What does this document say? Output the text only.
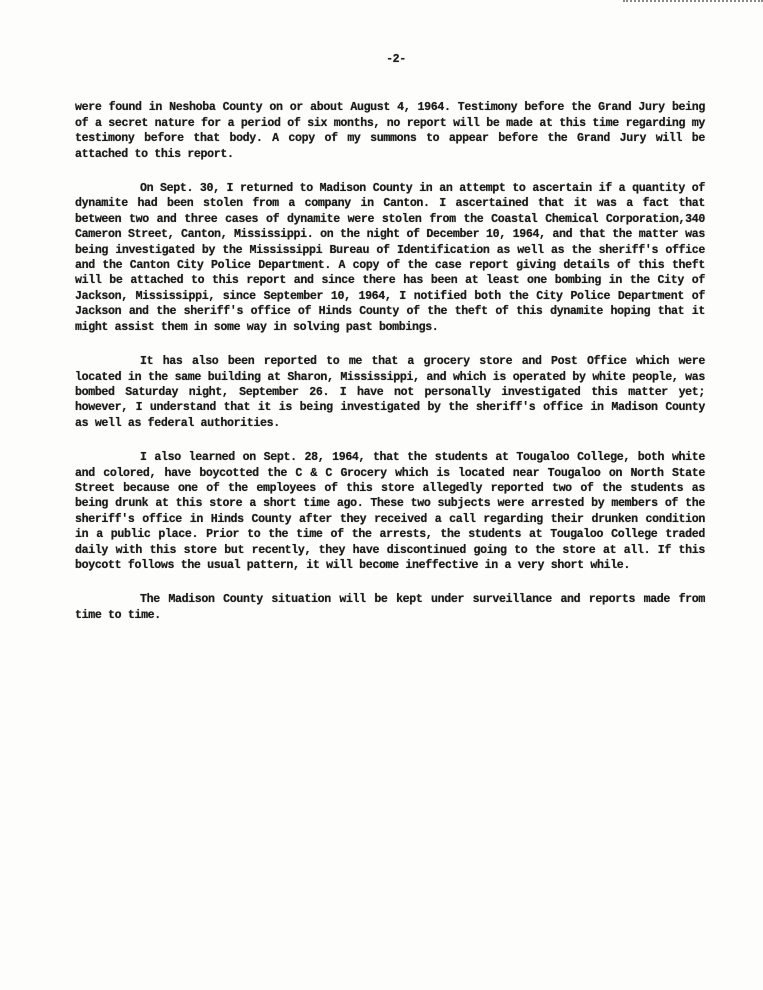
-2-

were found in Neshoba County on or about August 4, 1964. Testimony before the Grand Jury being of a secret nature for a period of six months, no report will be made at this time regarding my testimony before that body. A copy of my summons to appear before the Grand Jury will be attached to this report.

On Sept. 30, I returned to Madison County in an attempt to ascertain if a quantity of dynamite had been stolen from a company in Canton. I ascertained that it was a fact that between two and three cases of dynamite were stolen from the Coastal Chemical Corporation,340 Cameron Street, Canton, Mississippi. on the night of December 10, 1964, and that the matter was being investigated by the Mississippi Bureau of Identification as well as the sheriff's office and the Canton City Police Department. A copy of the case report giving details of this theft will be attached to this report and since there has been at least one bombing in the City of Jackson, Mississippi, since September 10, 1964, I notified both the City Police Department of Jackson and the sheriff's office of Hinds County of the theft of this dynamite hoping that it might assist them in some way in solving past bombings.

It has also been reported to me that a grocery store and Post Office which were located in the same building at Sharon, Mississippi, and which is operated by white people, was bombed Saturday night, September 26. I have not personally investigated this matter yet; however, I understand that it is being investigated by the sheriff's office in Madison County as well as federal authorities.

I also learned on Sept. 28, 1964, that the students at Tougaloo College, both white and colored, have boycotted the C & C Grocery which is located near Tougaloo on North State Street because one of the employees of this store allegedly reported two of the students as being drunk at this store a short time ago. These two subjects were arrested by members of the sheriff's office in Hinds County after they received a call regarding their drunken condition in a public place. Prior to the time of the arrests, the students at Tougaloo College traded daily with this store but recently, they have discontinued going to the store at all. If this boycott follows the usual pattern, it will become ineffective in a very short while.

The Madison County situation will be kept under surveillance and reports made from time to time.
